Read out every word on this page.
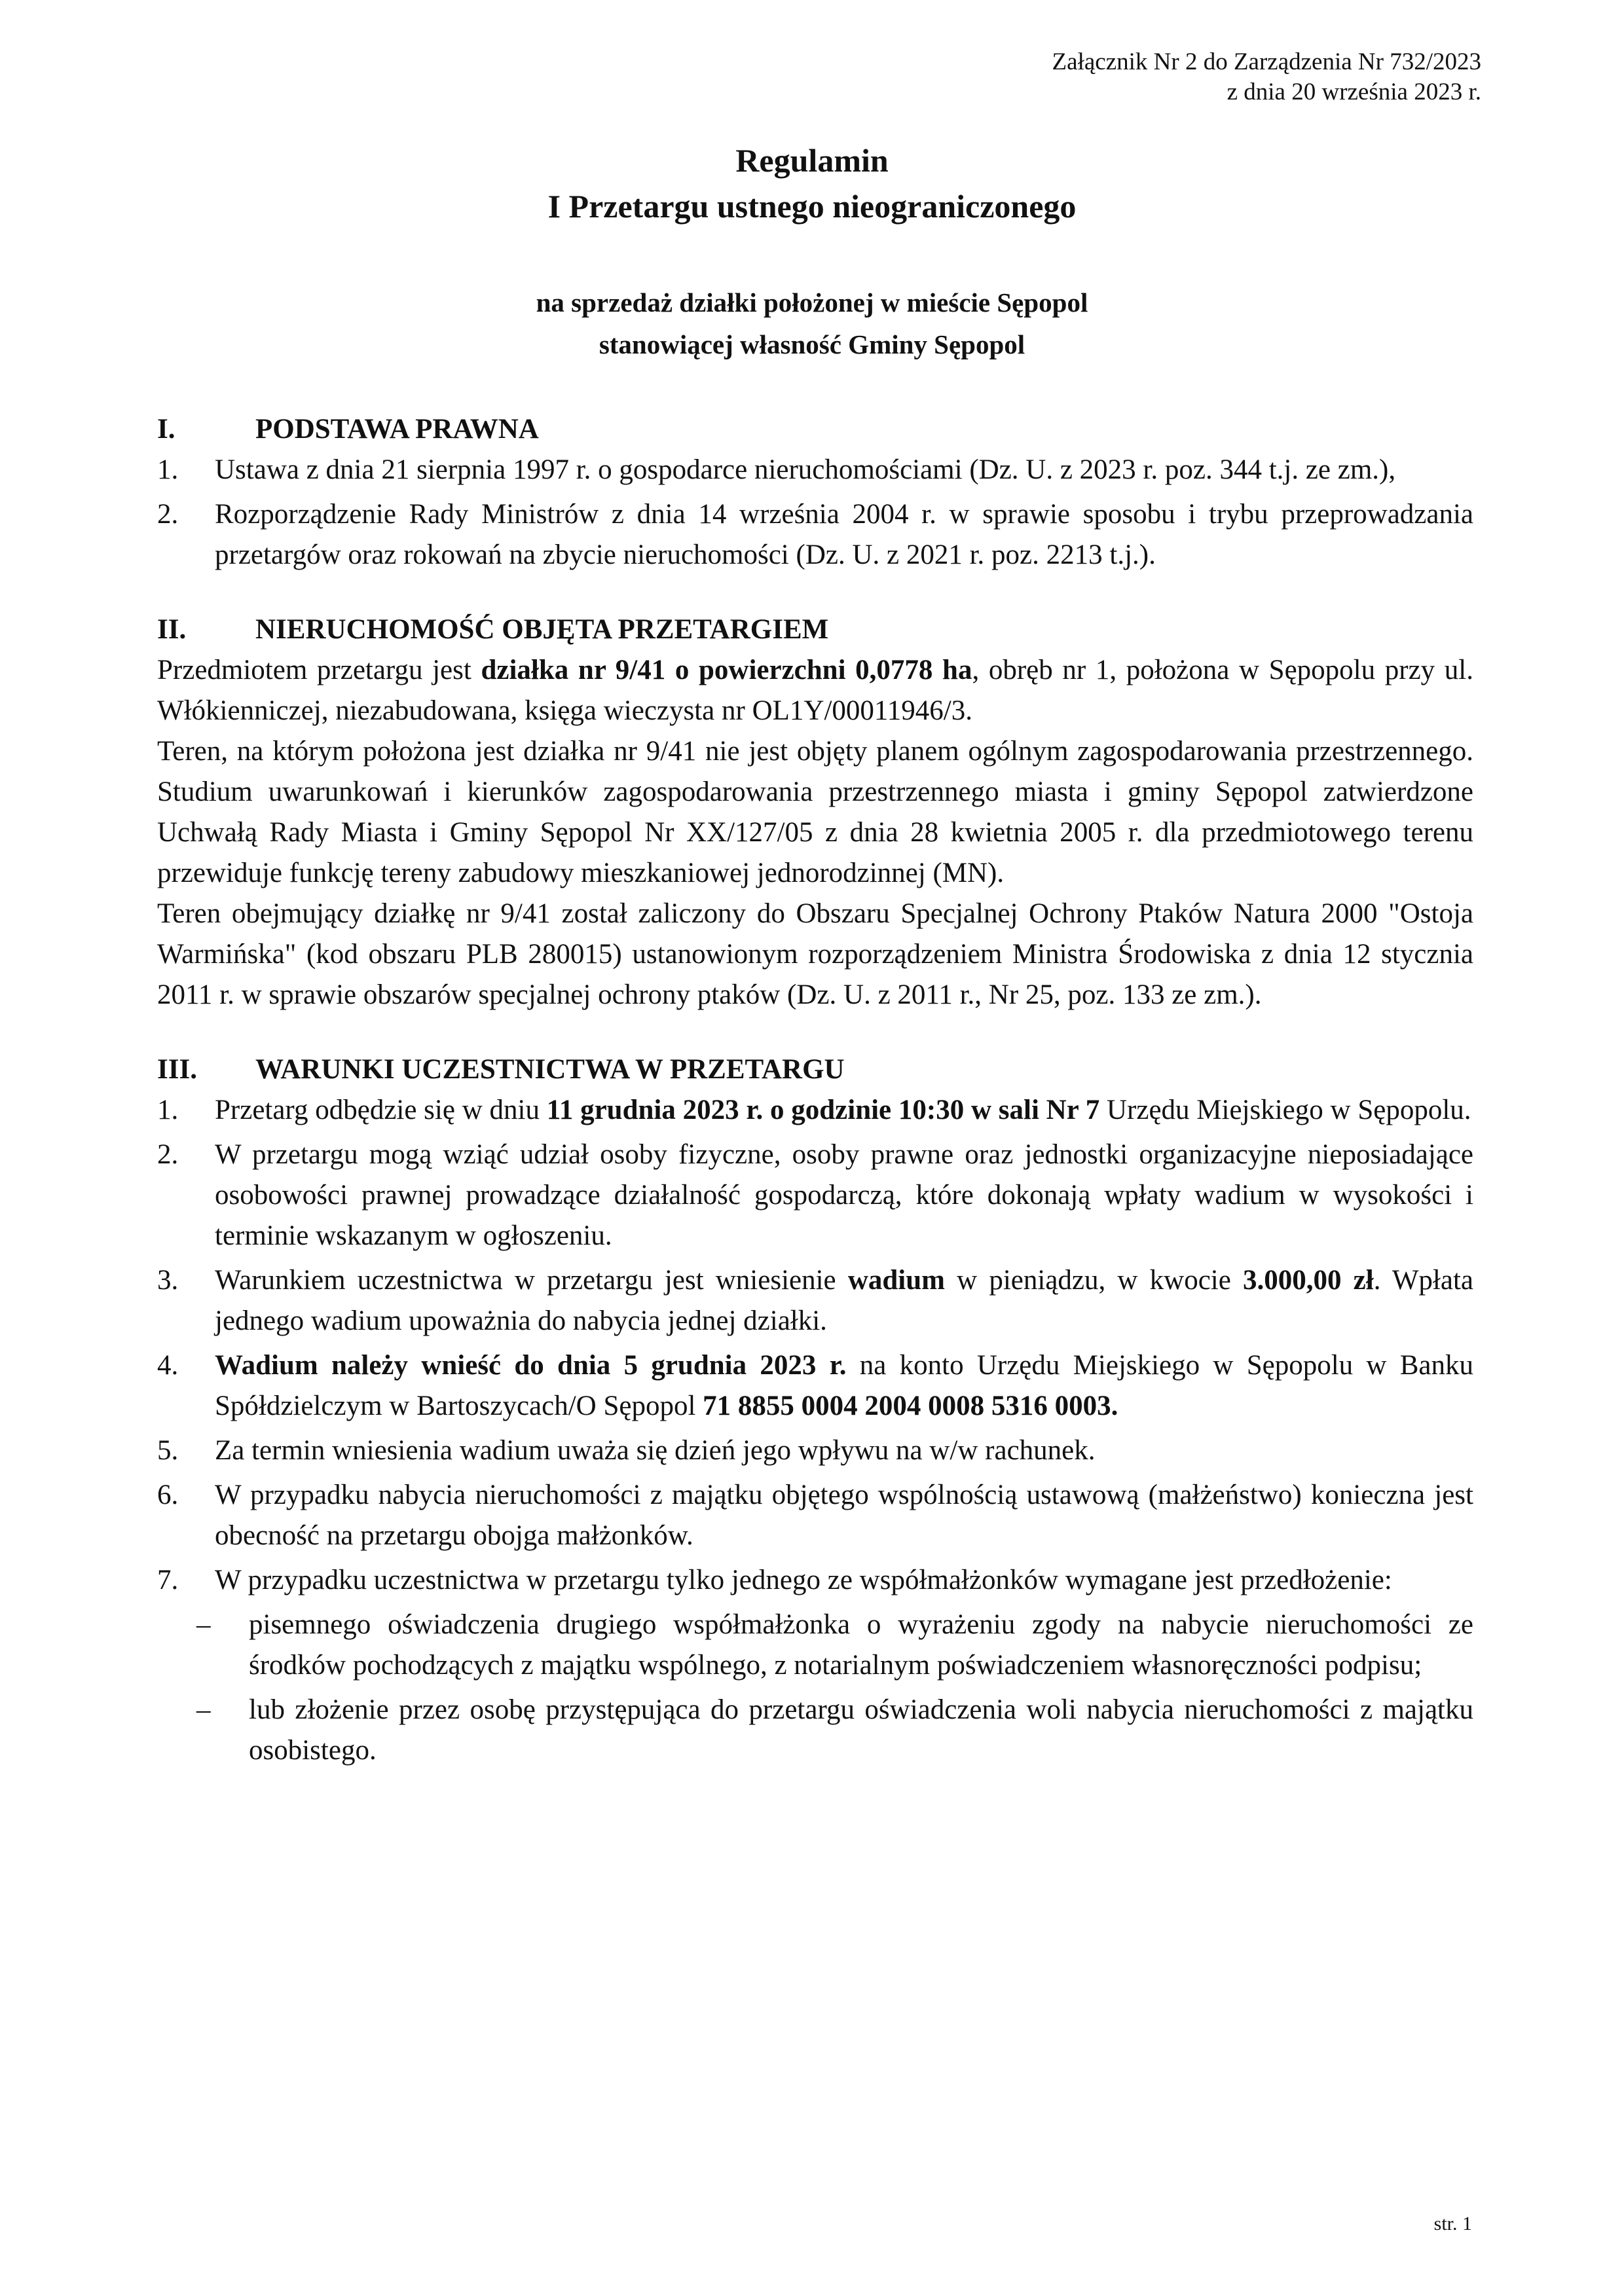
Załącznik Nr 2 do Zarządzenia Nr 732/2023
z dnia 20 września 2023 r.
Regulamin
I Przetargu ustnego nieograniczonego
na sprzedaż działki położonej w mieście Sępopol
stanowiącej własność Gminy Sępopol
I.	PODSTAWA PRAWNA
1.	Ustawa z dnia 21 sierpnia 1997 r. o gospodarce nieruchomościami (Dz. U. z 2023 r. poz. 344 t.j. ze zm.),
2.	Rozporządzenie Rady Ministrów z dnia 14 września 2004 r. w sprawie sposobu i trybu przeprowadzania przetargów oraz rokowań na zbycie nieruchomości (Dz. U. z 2021 r. poz. 2213 t.j.).
II.	NIERUCHOMOŚĆ OBJĘTA PRZETARGIEM

Przedmiotem przetargu jest działka nr 9/41 o powierzchni 0,0778 ha, obręb nr 1, położona w Sępopolu przy ul. Włókienniczej, niezabudowana, księga wieczysta nr OL1Y/00011946/3.

Teren, na którym położona jest działka nr 9/41 nie jest objęty planem ogólnym zagospodarowania przestrzennego. Studium uwarunkowań i kierunków zagospodarowania przestrzennego miasta i gminy Sępopol zatwierdzone Uchwałą Rady Miasta i Gminy Sępopol Nr XX/127/05 z dnia 28 kwietnia 2005 r. dla przedmiotowego terenu przewiduje funkcję tereny zabudowy mieszkaniowej jednorodzinnej (MN).

Teren obejmujący działkę nr 9/41 został zaliczony do Obszaru Specjalnej Ochrony Ptaków Natura 2000 "Ostoja Warmińska" (kod obszaru PLB 280015) ustanowionym rozporządzeniem Ministra Środowiska z dnia 12 stycznia 2011 r. w sprawie obszarów specjalnej ochrony ptaków (Dz. U. z 2011 r., Nr 25, poz. 133 ze zm.).

III.	WARUNKI UCZESTNICTWA W PRZETARGU
1.	Przetarg odbędzie się w dniu 11 grudnia 2023 r. o godzinie 10:30 w sali Nr 7 Urzędu Miejskiego w Sępopolu.
2.	W przetargu mogą wziąć udział osoby fizyczne, osoby prawne oraz jednostki organizacyjne nieposiadające osobowości prawnej prowadzące działalność gospodarczą, które dokonają wpłaty wadium w wysokości i terminie wskazanym w ogłoszeniu.
3.	Warunkiem uczestnictwa w przetargu jest wniesienie wadium w pieniądzu, w kwocie 3.000,00 zł. Wpłata jednego wadium upoważnia do nabycia jednej działki.
4.	Wadium należy wnieść do dnia 5 grudnia 2023 r. na konto Urzędu Miejskiego w Sępopolu w Banku Spółdzielczym w Bartoszycach/O Sępopol 71 8855 0004 2004 0008 5316 0003.
5.	Za termin wniesienia wadium uważa się dzień jego wpływu na w/w rachunek.
6.	W przypadku nabycia nieruchomości z majątku objętego wspólnością ustawową (małżeństwo) konieczna jest obecność na przetargu obojga małżonków.
7.	W przypadku uczestnictwa w przetargu tylko jednego ze współmałżonków wymagane jest przedłożenie:
–	pisemnego oświadczenia drugiego współmałżonka o wyrażeniu zgody na nabycie nieruchomości ze środków pochodzących z majątku wspólnego, z notarialnym poświadczeniem własnoręczności podpisu;
–	lub złożenie przez osobę przystępująca do przetargu oświadczenia woli nabycia nieruchomości z majątku osobistego.
str. 1
